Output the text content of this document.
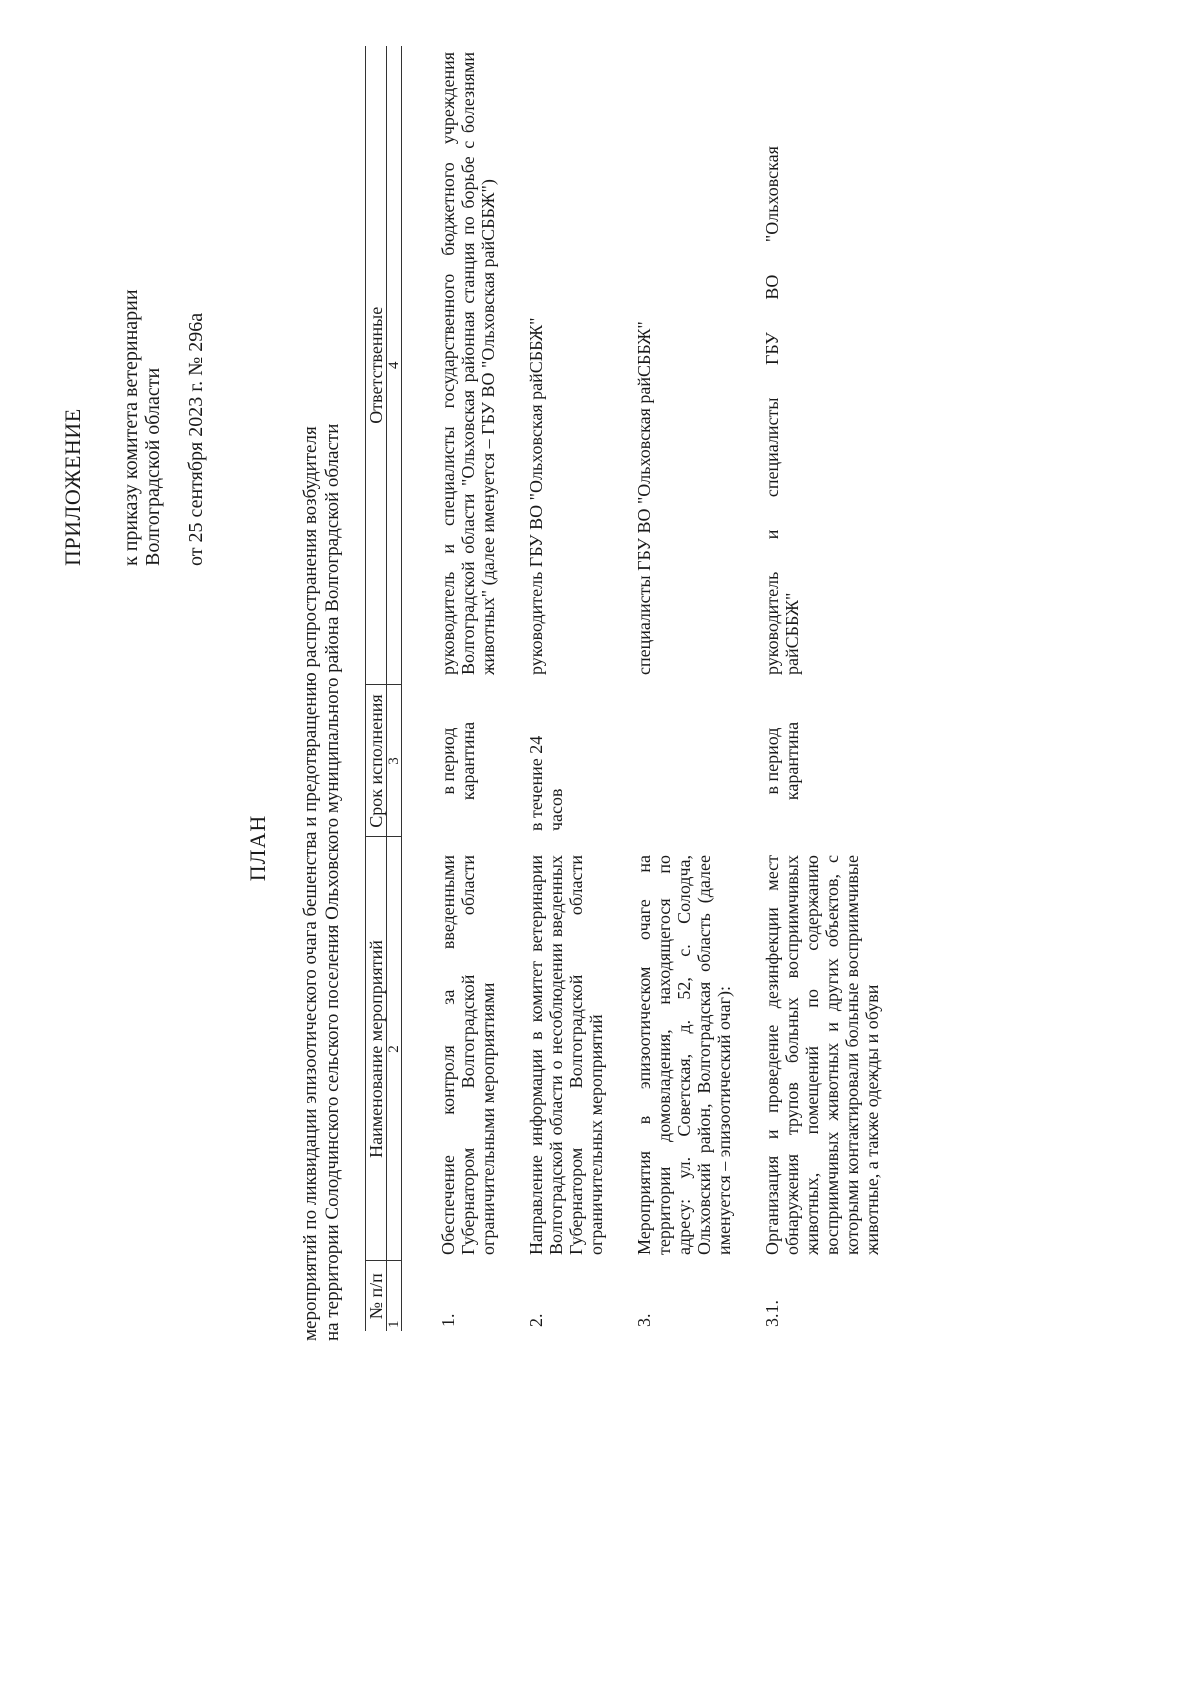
ПРИЛОЖЕНИЕ к приказу комитета ветеринарии Волгоградской области от 25 сентября 2023 г. № 296а
ПЛАН мероприятий по ликвидации эпизоотического очага бешенства и предотвращению распространения возбудителя на территории Солодчинского сельского поселения Ольховского муниципального района Волгоградской области № п/п	Наименование мероприятий	Срок исполнения	Ответственные
1	2	3	4
1.	Обеспечение контроля за введенными Губернатором Волгоградской области ограничительными мероприятиями	в период карантина	руководитель и специалисты государственного бюджетного учреждения Волгоградской области "Ольховская районная станция по борьбе с болезнями животных" (далее именуется – ГБУ ВО "Ольховская райСББЖ")
2.	Направление информации в комитет ветеринарии Волгоградской области о несоблюдении введенных Губернатором Волгоградской области ограничительных мероприятий	в течение 24 часов	руководитель ГБУ ВО "Ольховская райСББЖ"
3.	Мероприятия в эпизоотическом очаге на территории домовладения, находящегося по адресу: ул. Советская, д. 52, с. Солодча, Ольховский район, Волгоградская область (далее именуется – эпизоотический очаг):		специалисты ГБУ ВО "Ольховская райСББЖ"
3.1.	Организация и проведение дезинфекции мест обнаружения трупов больных восприимчивых животных, помещений по содержанию восприимчивых животных и других объектов, с которыми контактировали больные восприимчивые животные, а также одежды и обуви	в период карантина	руководитель и специалисты ГБУ ВО "Ольховская райСББЖ"
